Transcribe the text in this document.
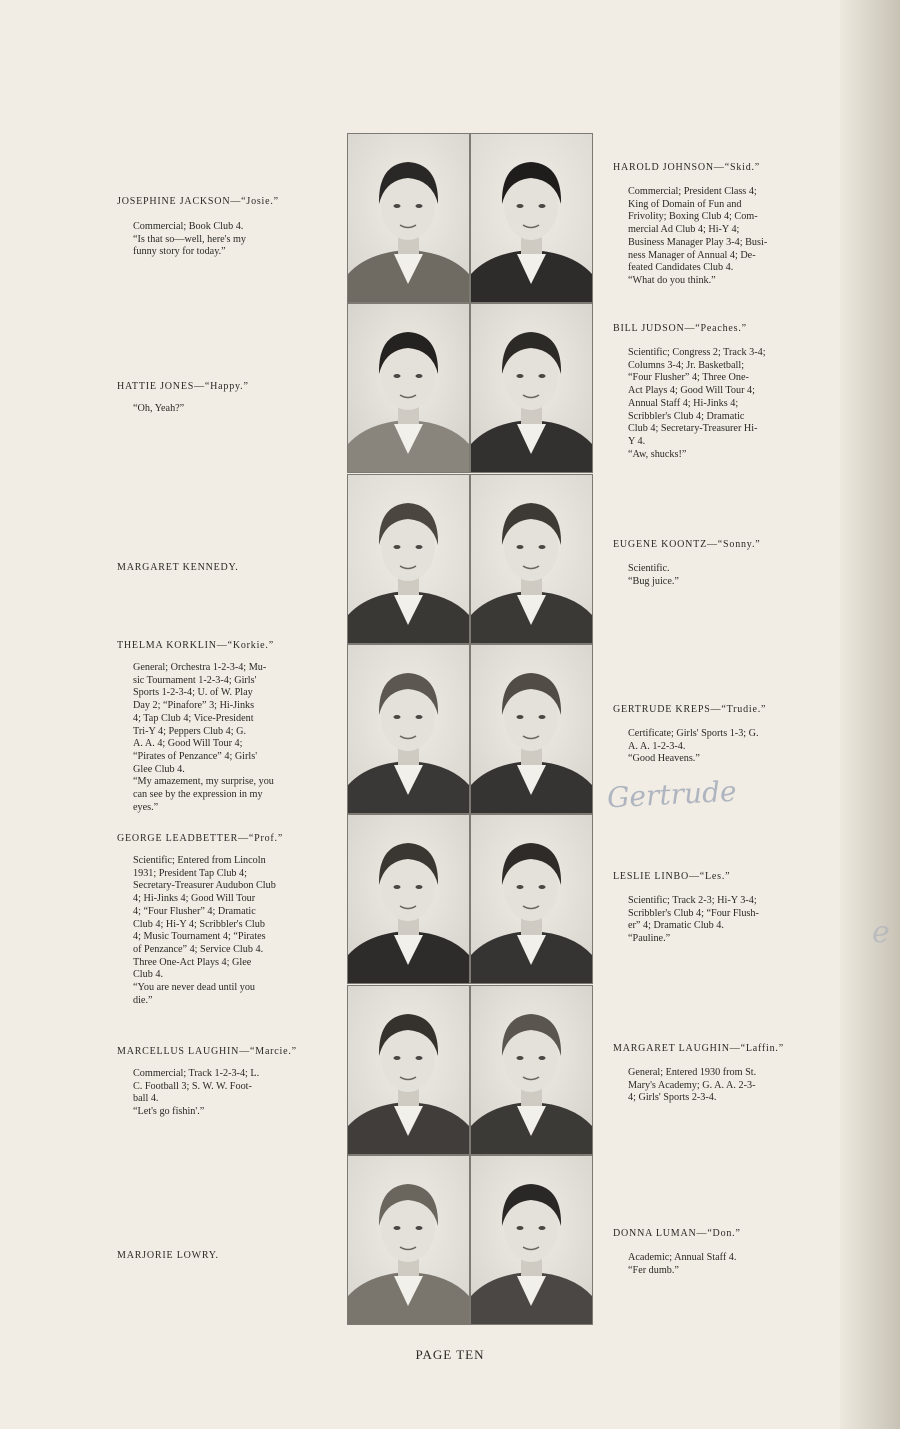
JOSEPHINE JACKSON—“Josie.”
Commercial; Book Club 4.
“Is that so—well, here's my
funny story for today.”
HATTIE JONES—“Happy.”
“Oh, Yeah?”
MARGARET KENNEDY.
THELMA KORKLIN—“Korkie.”
General; Orchestra 1-2-3-4; Mu-
sic Tournament 1-2-3-4; Girls'
Sports 1-2-3-4; U. of W. Play
Day 2; “Pinafore” 3; Hi-Jinks
4; Tap Club 4; Vice-President
Tri-Y 4; Peppers Club 4; G.
A. A. 4; Good Will Tour 4;
“Pirates of Penzance” 4; Girls'
Glee Club 4.
“My amazement, my surprise, you
can see by the expression in my
eyes.”
GEORGE LEADBETTER—“Prof.”
Scientific; Entered from Lincoln
1931; President Tap Club 4;
Secretary-Treasurer Audubon Club
4; Hi-Jinks 4; Good Will Tour
4; “Four Flusher” 4; Dramatic
Club 4; Hi-Y 4; Scribbler's Club
4; Music Tournament 4; “Pirates
of Penzance” 4; Service Club 4.
Three One-Act Plays 4; Glee
Club 4.
“You are never dead until you
die.”
MARCELLUS LAUGHIN—“Marcie.”
Commercial; Track 1-2-3-4; L.
C. Football 3; S. W. W. Foot-
ball 4.
“Let's go fishin'.”
MARJORIE LOWRY.
HAROLD JOHNSON—“Skid.”
Commercial; President Class 4;
King of Domain of Fun and
Frivolity; Boxing Club 4; Com-
mercial Ad Club 4; Hi-Y 4;
Business Manager Play 3-4; Busi-
ness Manager of Annual 4; De-
feated Candidates Club 4.
“What do you think.”
BILL JUDSON—“Peaches.”
Scientific; Congress 2; Track 3-4;
Columns 3-4; Jr. Basketball;
“Four Flusher” 4; Three One-
Act Plays 4; Good Will Tour 4;
Annual Staff 4; Hi-Jinks 4;
Scribbler's Club 4; Dramatic
Club 4; Secretary-Treasurer Hi-
Y 4.
“Aw, shucks!”
EUGENE KOONTZ—“Sonny.”
Scientific.
“Bug juice.”
GERTRUDE KREPS—“Trudie.”
Certificate; Girls' Sports 1-3; G.
A. A. 1-2-3-4.
“Good Heavens.”
LESLIE LINBO—“Les.”
Scientific; Track 2-3; Hi-Y 3-4;
Scribbler's Club 4; “Four Flush-
er” 4; Dramatic Club 4.
“Pauline.”
MARGARET LAUGHIN—“Laffin.”
General; Entered 1930 from St.
Mary's Academy; G. A. A. 2-3-
4; Girls' Sports 2-3-4.
DONNA LUMAN—“Don.”
Academic; Annual Staff 4.
“Fer dumb.”
Gertrude
e
PAGE TEN
